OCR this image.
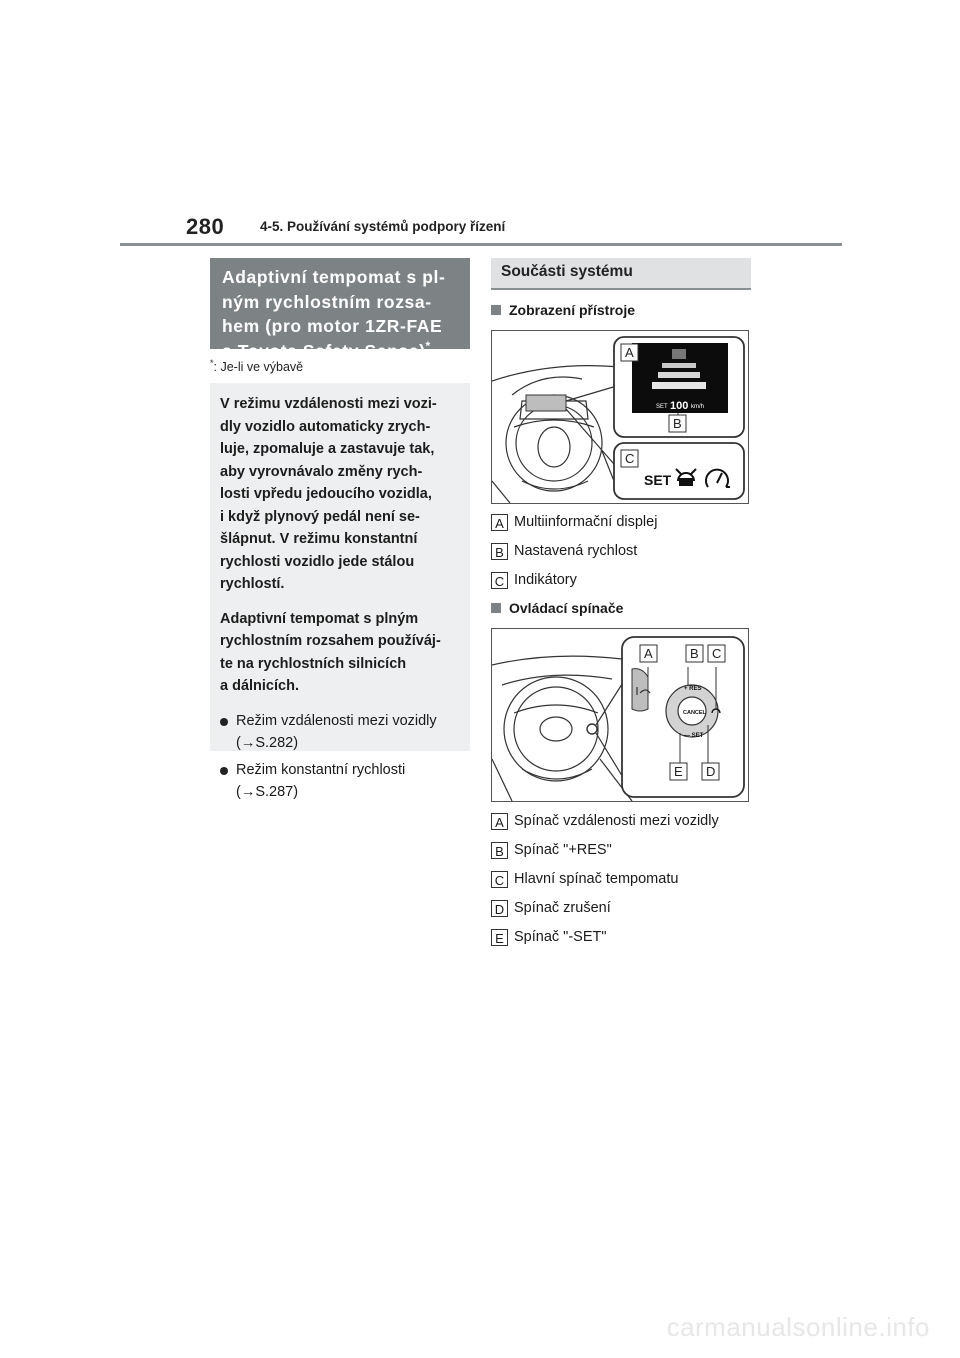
280	4-5. Používání systémů podpory řízení
Adaptivní tempomat s pl-
ným rychlostním rozsa-
hem (pro motor 1ZR-FAE
s Toyota Safety Sense)*
*: Je-li ve výbavě

V režimu vzdálenosti mezi vozi-
dly vozidlo automaticky zrych-
luje, zpomaluje a zastavuje tak,
aby vyrovnávalo změny rych-
losti vpředu jedoucího vozidla,
i když plynový pedál není se-
šlápnut. V režimu konstantní
rychlosti vozidlo jede stálou
rychlostí.

Adaptivní tempomat s plným
rychlostním rozsahem používáj-
te na rychlostních silnicích
a dálnicích.

Režim vzdálenosti mezi vozidly
(→S.282)
Režim konstantní rychlosti
(→S.287)
Součásti systému
Zobrazení přístroje
SET 100 km/h
A
B
C
SET
A Multiinformační displej
B Nastavená rychlost
C Indikátory
Ovládací spínače
CANCEL
+ RES
— SET
A	B C
E D
A Spínač vzdálenosti mezi vozidly
B Spínač "+RES"
C Hlavní spínač tempomatu
D Spínač zrušení
E Spínač "-SET"
carmanualsonline.info
